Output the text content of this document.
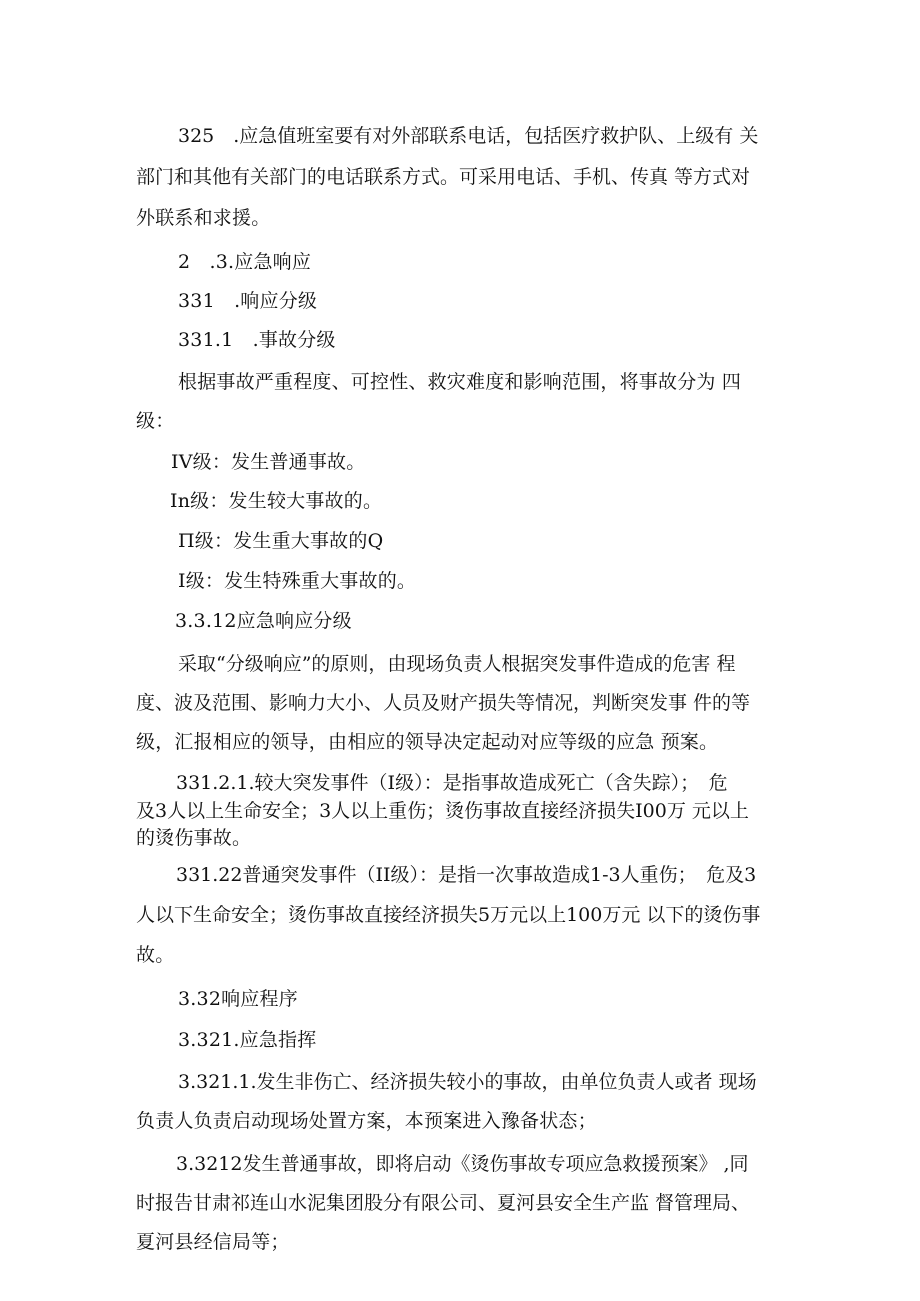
325　.应急值班室要有对外部联系电话，包括医疗救护队、上级有 关
部门和其他有关部门的电话联系方式。可采用电话、手机、传真 等方式对
外联系和求援。
2　.3.应急响应
331　.响应分级
331.1　.事故分级
根据事故严重程度、可控性、救灾难度和影响范围，将事故分为 四
级：
IV级：发生普通事故。
In级：发生较大事故的。
Π级：发生重大事故的Q
I级：发生特殊重大事故的。
3.3.12应急响应分级
采取“分级响应”的原则，由现场负责人根据突发事件造成的危害 程
度、波及范围、影响力大小、人员及财产损失等情况，判断突发事 件的等
级，汇报相应的领导，由相应的领导决定起动对应等级的应急 预案。
331.2.1.较大突发事件（I级）：是指事故造成死亡（含失踪）；　危
及3人以上生命安全；3人以上重伤；烫伤事故直接经济损失I00万 元以上
的烫伤事故。
331.22普通突发事件（II级）：是指一次事故造成1-3人重伤；　危及3
人以下生命安全；烫伤事故直接经济损失5万元以上100万元 以下的烫伤事
故。
3.32响应程序
3.321.应急指挥
3.321.1.发生非伤亡、经济损失较小的事故，由单位负责人或者 现场
负责人负责启动现场处置方案，本预案进入豫备状态；
3.3212发生普通事故，即将启动《烫伤事故专项应急救援预案》 ,同
时报告甘肃祁连山水泥集团股分有限公司、夏河县安全生产监 督管理局、
夏河县经信局等；
